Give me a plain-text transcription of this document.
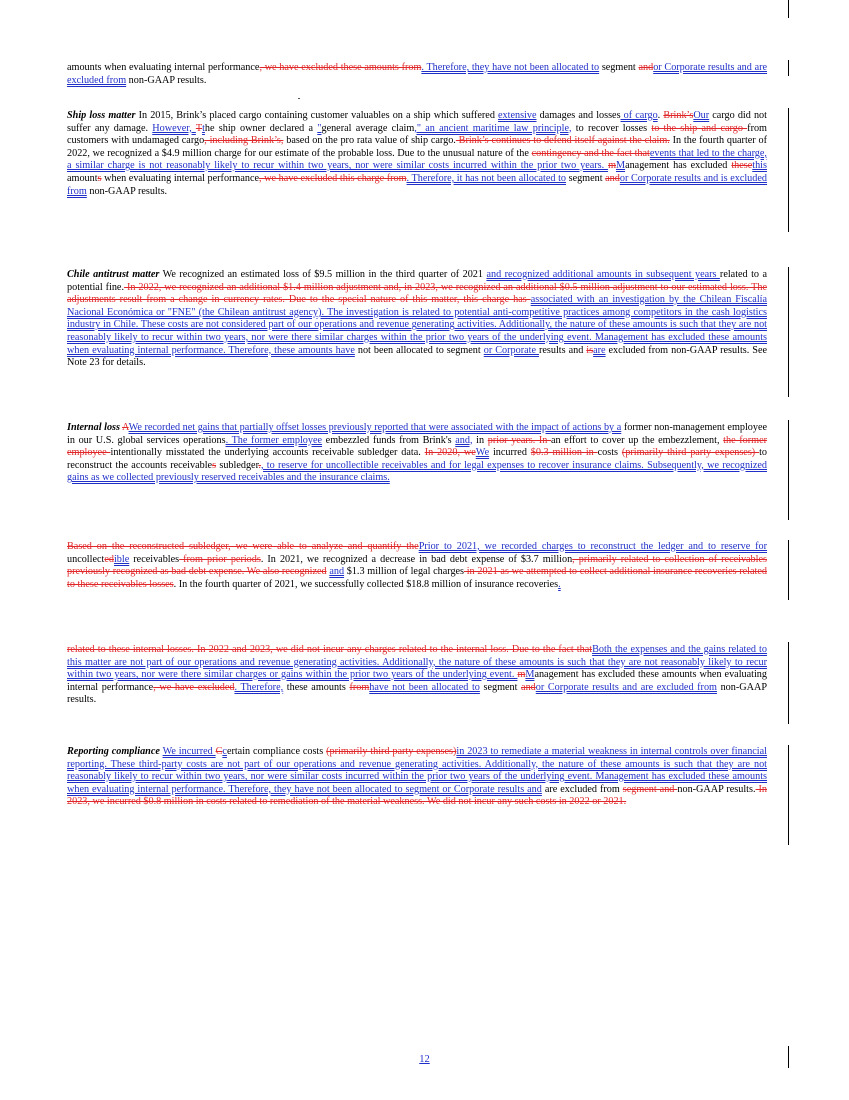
amounts when evaluating internal performance, we have excluded these amounts from. Therefore, they have not been allocated to segment andor Corporate results and are excluded from non-GAAP results.

Ship loss matter In 2015, Brink’s placed cargo containing customer valuables on a ship which suffered extensive damages and losses of cargo. Brink’sOur cargo did not suffer any damage. However, Tthe ship owner declared a "general average claim," an ancient maritime law principle, to recover losses to the ship and cargo from customers with undamaged cargo, including Brink’s, based on the pro rata value of ship cargo. Brink’s continues to defend itself against the claim. In the fourth quarter of 2022, we recognized a $4.9 million charge for our estimate of the probable loss. Due to the unusual nature of the contingency and the fact thatevents that led to the charge, a similar charge is not reasonably likely to recur within two years, nor were similar costs incurred within the prior two years. mManagement has excluded thesethis amounts when evaluating internal performance, we have excluded this charge from. Therefore, it has not been allocated to segment andor Corporate results and is excluded from non-GAAP results.

Chile antitrust matter We recognized an estimated loss of $9.5 million in the third quarter of 2021 and recognized additional amounts in subsequent years related to a potential fine. In 2022, we recognized an additional $1.4 million adjustment and, in 2023, we recognized an additional $0.5 million adjustment to our estimated loss. The adjustments result from a change in currency rates. Due to the special nature of this matter, this charge has associated with an investigation by the Chilean Fiscalía Nacional Económica or "FNE" (the Chilean antitrust agency). The investigation is related to potential anti-competitive practices among competitors in the cash logistics industry in Chile. These costs are not considered part of our operations and revenue generating activities. Additionally, the nature of these amounts is such that they are not reasonably likely to recur within two years, nor were there similar charges within the prior two years of the underlying event. Management has excluded these amounts when evaluating internal performance. Therefore, these amounts have not been allocated to segment or Corporate results and isare excluded from non-GAAP results. See Note 23 for details.

Internal loss AWe recorded net gains that partially offset losses previously reported that were associated with the impact of actions by a former non-management employee in our U.S. global services operations. The former employee embezzled funds from Brink's and, in prior years. In an effort to cover up the embezzlement, the former employee intentionally misstated the underlying accounts receivable subledger data. In 2020, weWe incurred $0.3 million in costs (primarily third party expenses) to reconstruct the accounts receivables subledger., to reserve for uncollectible receivables and for legal expenses to recover insurance claims. Subsequently, we recognized gains as we collected previously reserved receivables and the insurance claims.

Based on the reconstructed subledger, we were able to analyze and quantify thePrior to 2021, we recorded charges to reconstruct the ledger and to reserve for uncollectedible receivables from prior periods. In 2021, we recognized a decrease in bad debt expense of $3.7 million, primarily related to collection of receivables previously recognized as bad debt expense. We also recognized and $1.3 million of legal charges in 2021 as we attempted to collect additional insurance recoveries related to these receivables losses. In the fourth quarter of 2021, we successfully collected $18.8 million of insurance recoveries.

related to these internal losses. In 2022 and 2023, we did not incur any charges related to the internal loss. Due to the fact thatBoth the expenses and the gains related to this matter are not part of our operations and revenue generating activities. Additionally, the nature of these amounts is such that they are not reasonably likely to recur within two years, nor were there similar charges or gains within the prior two years of the underlying event. mManagement has excluded these amounts when evaluating internal performance, we have excluded. Therefore, these amounts fromhave not been allocated to segment andor Corporate results and are excluded from non-GAAP results.

Reporting compliance We incurred Ccertain compliance costs (primarily third party expenses)in 2023 to remediate a material weakness in internal controls over financial reporting. These third-party costs are not part of our operations and revenue generating activities. Additionally, the nature of these amounts is such that they are not reasonably likely to recur within two years, nor were similar costs incurred within the prior two years of the underlying event. Management has excluded these amounts when evaluating internal performance. Therefore, they have not been allocated to segment or Corporate results and are excluded from segment and non-GAAP results. In 2023, we incurred $0.8 million in costs related to remediation of the material weakness. We did not incur any such costs in 2022 or 2021.

12
